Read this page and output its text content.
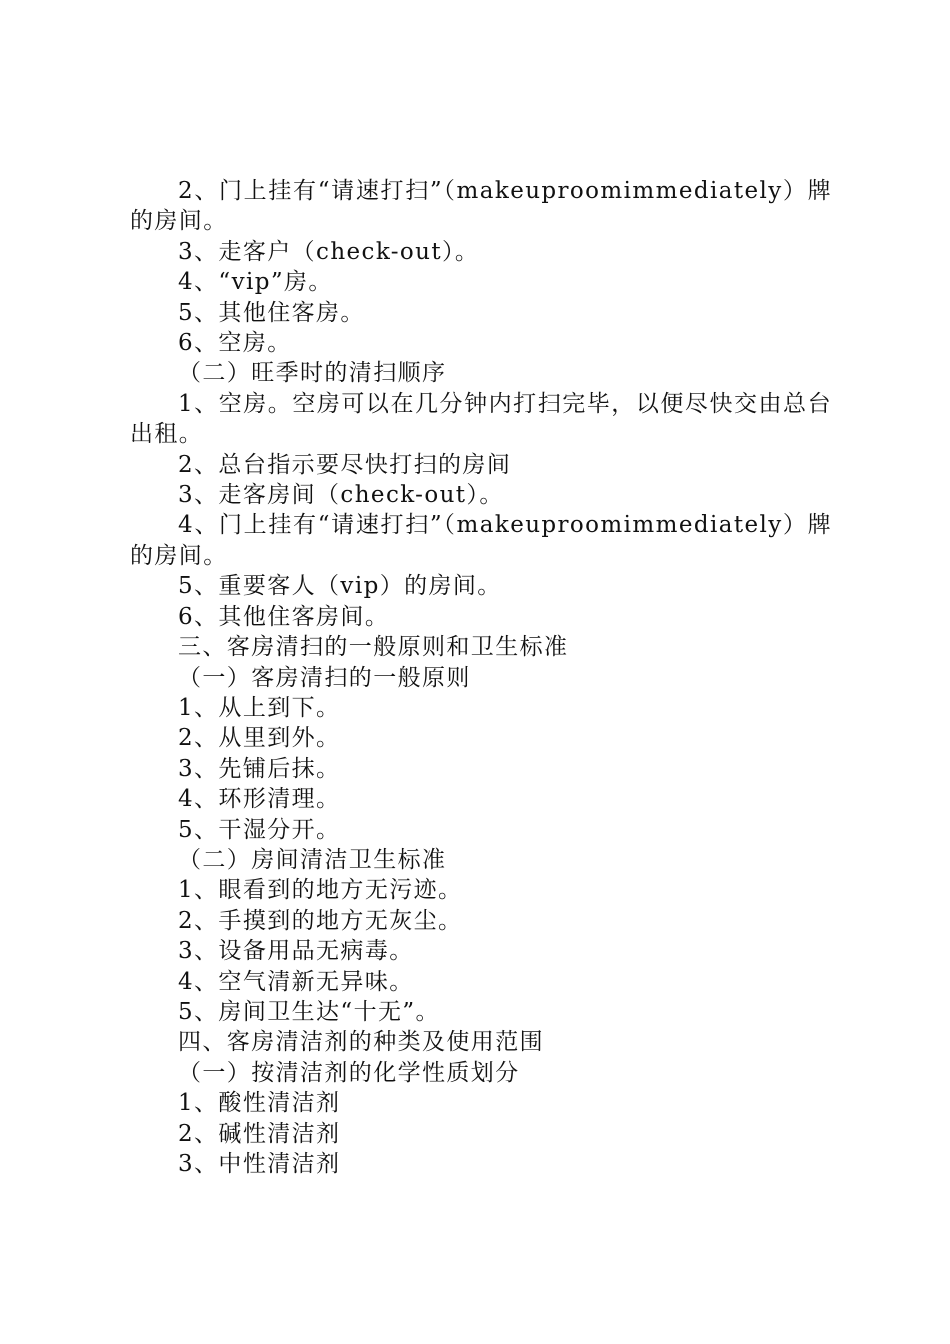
2、门上挂有“请速打扫”（makeuproomimmediately）牌的房间。

3、走客户（check-out）。

4、“vip”房。

5、其他住客房。

6、空房。

（二）旺季时的清扫顺序

1、空房。空房可以在几分钟内打扫完毕，以便尽快交由总台出租。

2、总台指示要尽快打扫的房间

3、走客房间（check-out）。

4、门上挂有“请速打扫”（makeuproomimmediately）牌的房间。

5、重要客人（vip）的房间。

6、其他住客房间。

三、客房清扫的一般原则和卫生标准

（一）客房清扫的一般原则

1、从上到下。

2、从里到外。

3、先铺后抹。

4、环形清理。

5、干湿分开。

（二）房间清洁卫生标准

1、眼看到的地方无污迹。

2、手摸到的地方无灰尘。

3、设备用品无病毒。

4、空气清新无异味。

5、房间卫生达“十无”。

四、客房清洁剂的种类及使用范围

（一）按清洁剂的化学性质划分

1、酸性清洁剂

2、碱性清洁剂

3、中性清洁剂
